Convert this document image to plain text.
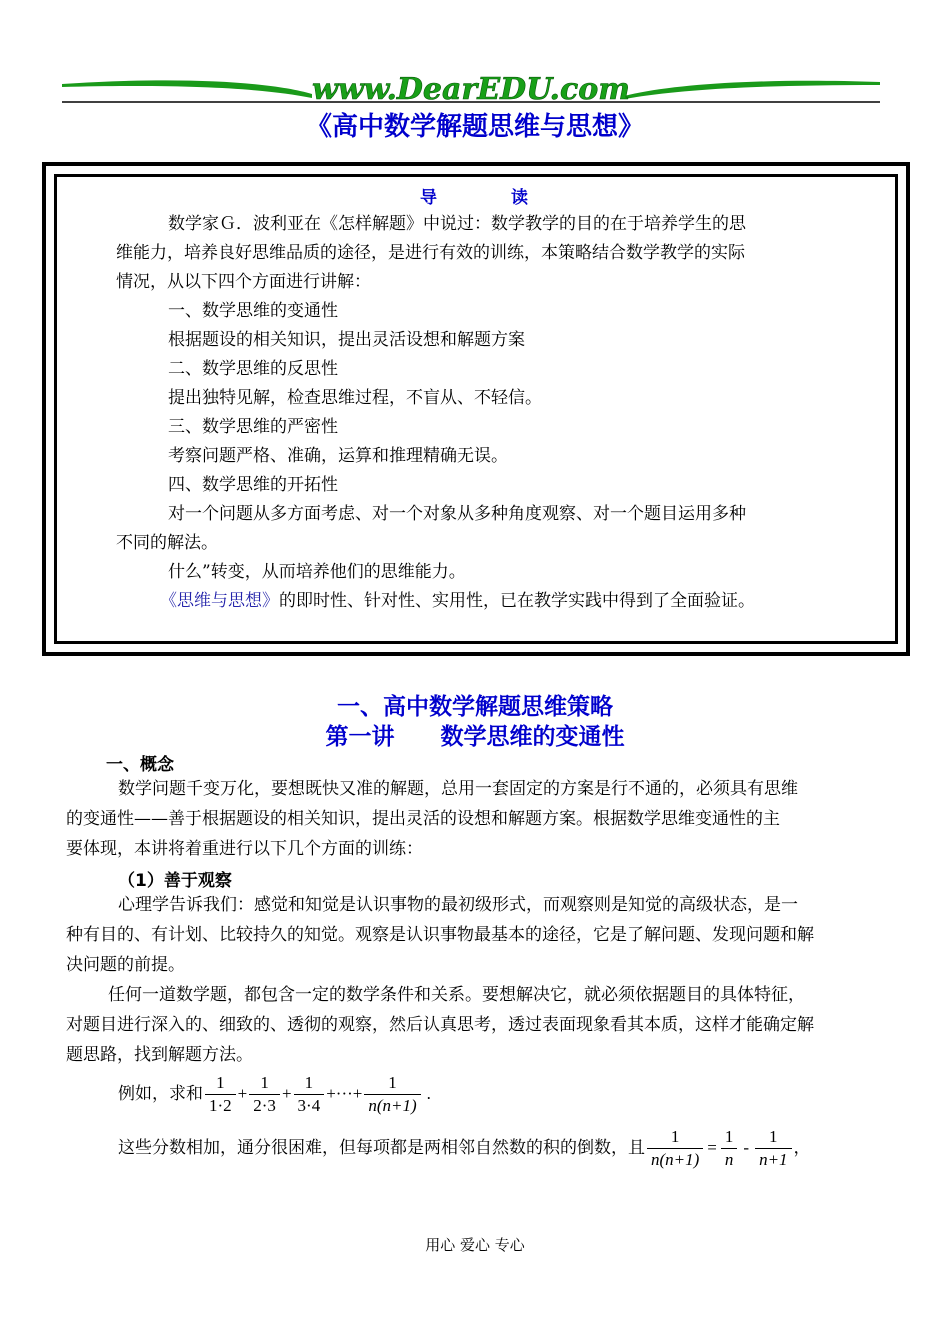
www.DearEDU.com
《高中数学解题思维与思想》
导	读
数学家Ｇ．波利亚在《怎样解题》中说过：数学教学的目的在于培养学生的思
维能力，培养良好思维品质的途径，是进行有效的训练，本策略结合数学教学的实际
情况，从以下四个方面进行讲解：
一、数学思维的变通性
根据题设的相关知识，提出灵活设想和解题方案
二、数学思维的反思性
提出独特见解，检查思维过程，不盲从、不轻信。
三、数学思维的严密性
考察问题严格、准确，运算和推理精确无误。
四、数学思维的开拓性
对一个问题从多方面考虑、对一个对象从多种角度观察、对一个题目运用多种
不同的解法。
什么”转变，从而培养他们的思维能力。
《思维与思想》的即时性、针对性、实用性，已在教学实践中得到了全面验证。
一、高中数学解题思维策略
第一讲　　数学思维的变通性
一、概念
数学问题千变万化，要想既快又准的解题，总用一套固定的方案是行不通的，必须具有思维
的变通性——善于根据题设的相关知识，提出灵活的设想和解题方案。根据数学思维变通性的主
要体现，本讲将着重进行以下几个方面的训练：
（1）善于观察
心理学告诉我们：感觉和知觉是认识事物的最初级形式，而观察则是知觉的高级状态，是一
种有目的、有计划、比较持久的知觉。观察是认识事物最基本的途径，它是了解问题、发现问题和解
决问题的前提。
任何一道数学题，都包含一定的数学条件和关系。要想解决它，就必须依据题目的具体特征，
对题目进行深入的、细致的、透彻的观察，然后认真思考，透过表面现象看其本质，这样才能确定解
题思路，找到解题方法。
例如，求和 $\frac{1}{1\cdot 2} + \frac{1}{2\cdot 3} + \frac{1}{3\cdot 4}$ + ··· + $\frac{1}{n(n+1)}$ .
这些分数相加，通分很困难，但每项都是两相邻自然数的积的倒数，且 $\frac{1}{n(n+1)} = \frac{1}{n} - \frac{1}{n+1}$ ，
用心 爱心 专心
